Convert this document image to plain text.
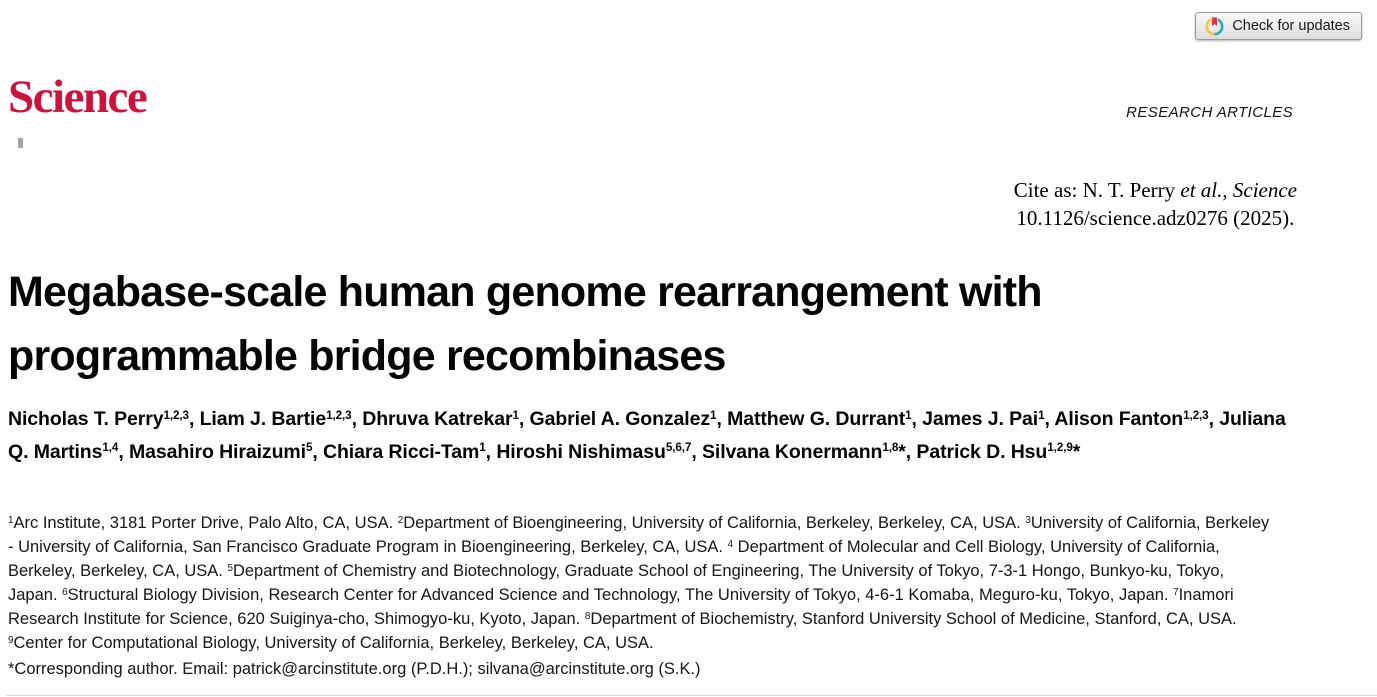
Check for updates
Science	RESEARCH ARTICLES
Cite as: N. T. Perry et al., Science
10.1126/science.adz0276 (2025).
Megabase-scale human genome rearrangement with programmable bridge recombinases

Nicholas T. Perry$^{1,2,3}$, Liam J. Bartie$^{1,2,3}$, Dhruva Katrekar$^1$, Gabriel A. Gonzalez$^1$, Matthew G. Durrant$^1$, James J. Pai$^1$, Alison Fanton$^{1,2,3}$, Juliana Q. Martins$^{1,4}$, Masahiro Hiraizumi$^5$, Chiara Ricci-Tam$^1$, Hiroshi Nishimasu$^{5,6,7}$, Silvana Konermann$^{1,8}$*, Patrick D. Hsu$^{1,2,9}$*

$^1$Arc Institute, 3181 Porter Drive, Palo Alto, CA, USA. $^2$Department of Bioengineering, University of California, Berkeley, Berkeley, CA, USA. $^3$University of California, Berkeley - University of California, San Francisco Graduate Program in Bioengineering, Berkeley, CA, USA. $^4$ Department of Molecular and Cell Biology, University of California, Berkeley, Berkeley, CA, USA. $^5$Department of Chemistry and Biotechnology, Graduate School of Engineering, The University of Tokyo, 7-3-1 Hongo, Bunkyo-ku, Tokyo, Japan. $^6$Structural Biology Division, Research Center for Advanced Science and Technology, The University of Tokyo, 4-6-1 Komaba, Meguro-ku, Tokyo, Japan. $^7$Inamori Research Institute for Science, 620 Suiginya-cho, Shimogyo-ku, Kyoto, Japan. $^8$Department of Biochemistry, Stanford University School of Medicine, Stanford, CA, USA. $^9$Center for Computational Biology, University of California, Berkeley, Berkeley, CA, USA.

*Corresponding author. Email: patrick@arcinstitute.org (P.D.H.); silvana@arcinstitute.org (S.K.)
